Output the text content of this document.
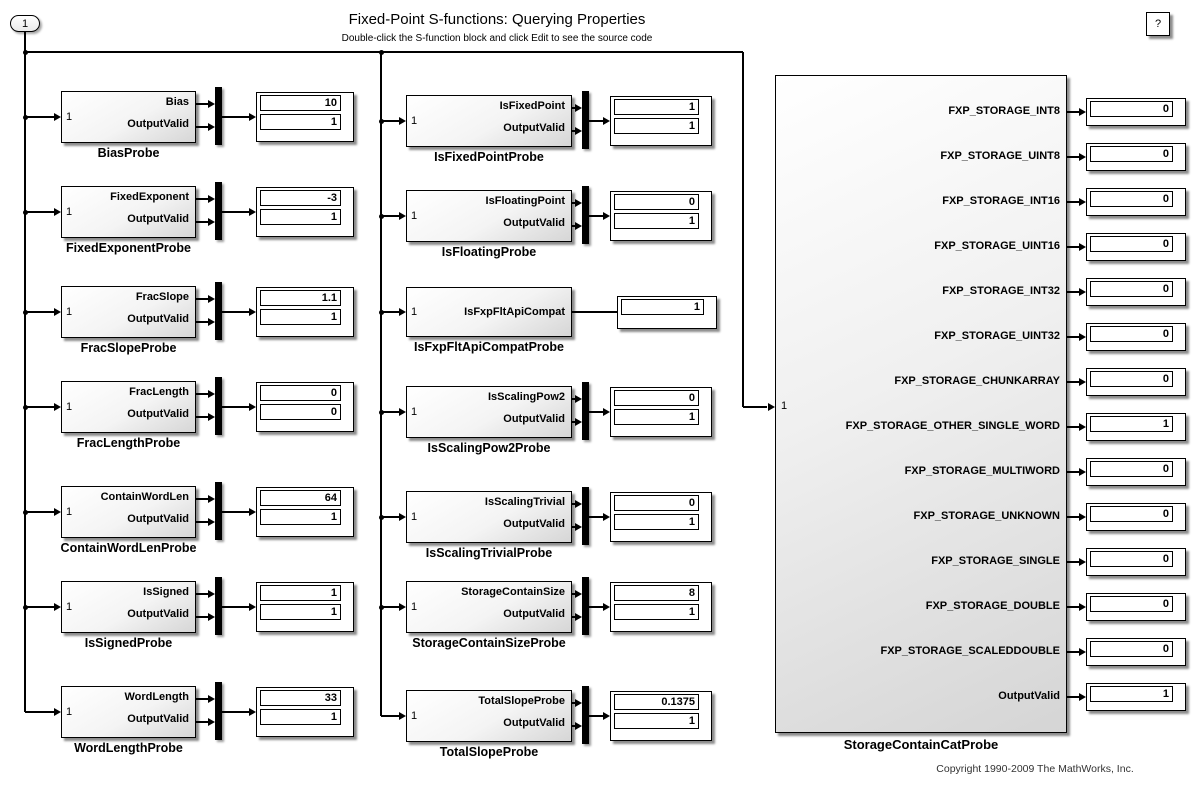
Fixed-Point S-functions: Querying Properties
Double-click the S-function block and click Edit to see the source code
1	?
Copyright 1990-2009 The MathWorks, Inc.
1
Bias
OutputValid
10
1
BiasProbe
1
FixedExponent
OutputValid
-3
1
FixedExponentProbe
1
FracSlope
OutputValid
1.1
1
FracSlopeProbe
1
FracLength
OutputValid
0
0
FracLengthProbe
1
ContainWordLen
OutputValid
64
1
ContainWordLenProbe
1
IsSigned
OutputValid
1
1
IsSignedProbe
1
WordLength
OutputValid
33
1
WordLengthProbe
1
IsFixedPoint
OutputValid
1
1
IsFixedPointProbe
1
IsFloatingPoint
OutputValid
0
1
IsFloatingProbe
1	IsFxpFltApiCompat	1
IsFxpFltApiCompatProbe
1
IsScalingPow2
OutputValid
0
1
IsScalingPow2Probe
1
IsScalingTrivial
OutputValid
0
1
IsScalingTrivialProbe
1
StorageContainSize
OutputValid
8
1
StorageContainSizeProbe
1
TotalSlopeProbe
OutputValid
0.1375
1
TotalSlopeProbe
1
FXP_STORAGE_INT8	0
FXP_STORAGE_UINT8	0
FXP_STORAGE_INT16	0
FXP_STORAGE_UINT16	0
FXP_STORAGE_INT32	0
FXP_STORAGE_UINT32	0
FXP_STORAGE_CHUNKARRAY	0
FXP_STORAGE_OTHER_SINGLE_WORD	1
FXP_STORAGE_MULTIWORD	0
FXP_STORAGE_UNKNOWN	0
FXP_STORAGE_SINGLE	0
FXP_STORAGE_DOUBLE	0
FXP_STORAGE_SCALEDDOUBLE	0
OutputValid	1
StorageContainCatProbe
